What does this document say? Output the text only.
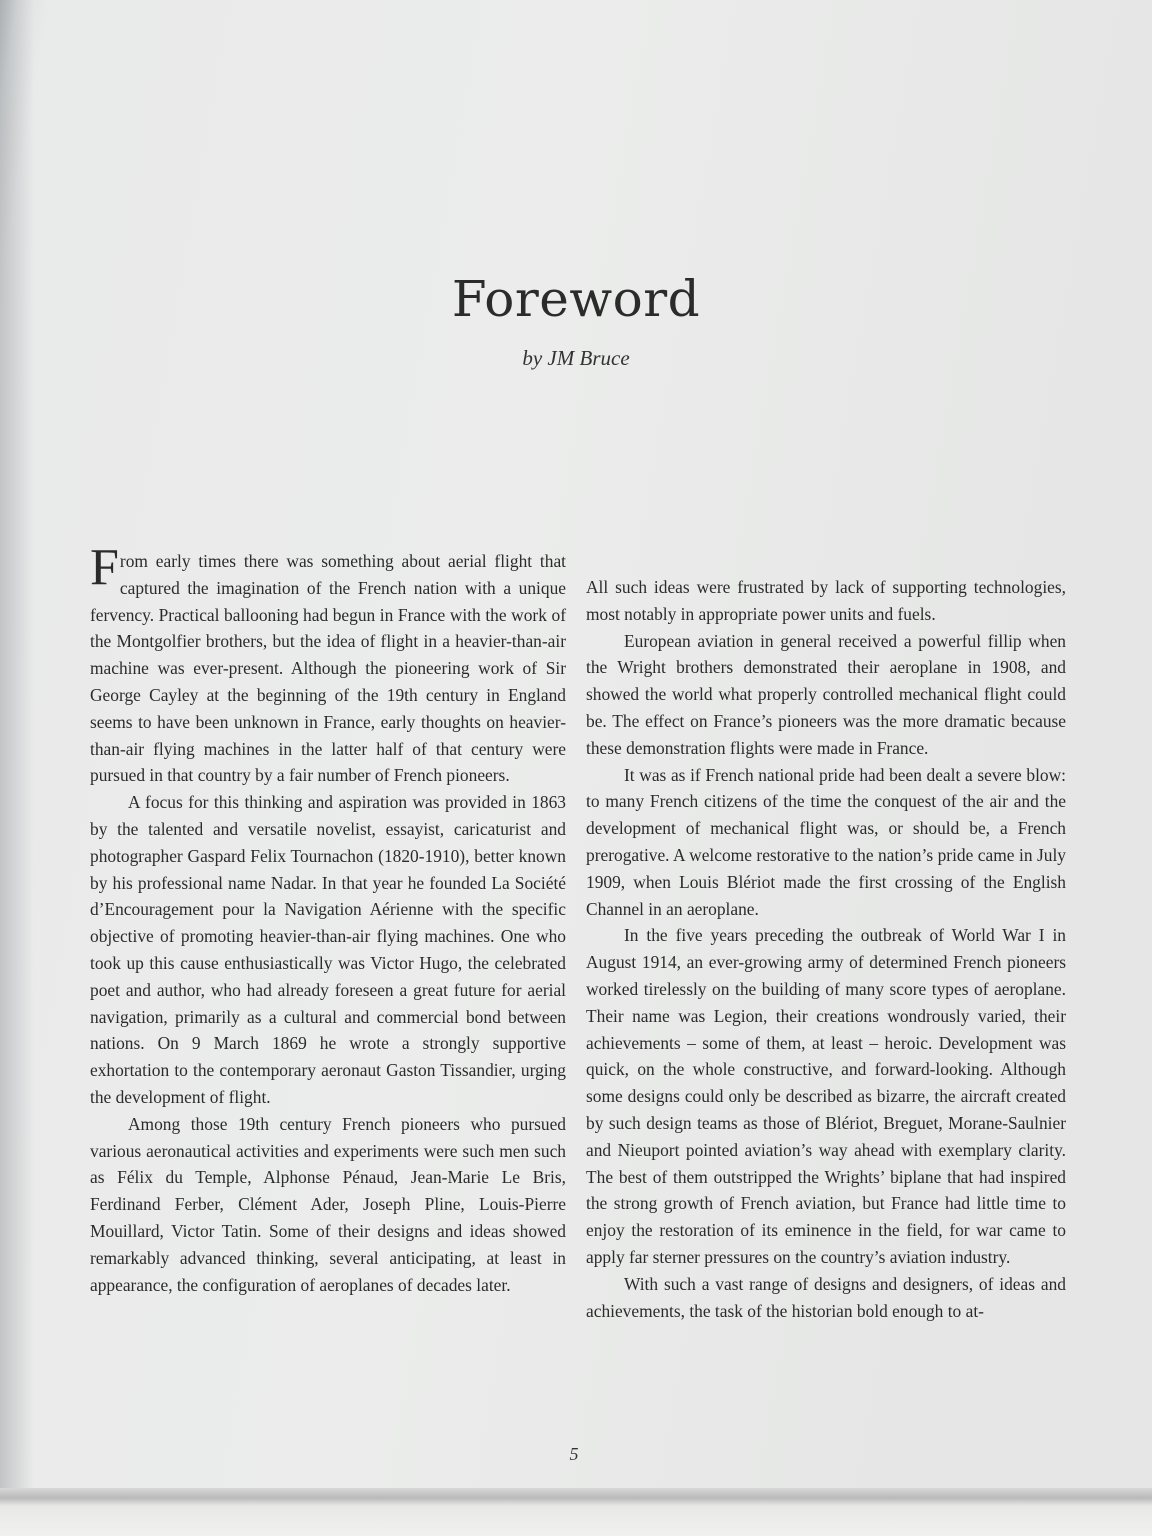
Foreword
by JM Bruce

From early times there was something about aerial flight that captured the imagination of the French nation with a unique fervency. Practical ballooning had begun in France with the work of the Montgolfier brothers, but the idea of flight in a heavier-than-air machine was ever-present. Although the pioneering work of Sir George Cayley at the beginning of the 19th century in England seems to have been unknown in France, early thoughts on heavier-than-air flying machines in the latter half of that century were pursued in that country by a fair number of French pioneers.

A focus for this thinking and aspiration was provided in 1863 by the talented and versatile novelist, essayist, caricaturist and photographer Gaspard Felix Tournachon (1820-1910), better known by his professional name Nadar. In that year he founded La Société d’Encouragement pour la Navigation Aérienne with the specific objective of promoting heavier-than-air flying machines. One who took up this cause enthusiastically was Victor Hugo, the celebrated poet and author, who had already foreseen a great future for aerial navigation, primarily as a cultural and commercial bond between nations. On 9 March 1869 he wrote a strongly supportive exhortation to the contemporary aeronaut Gaston Tissandier, urging the development of flight.

Among those 19th century French pioneers who pursued various aeronautical activities and experiments were such men such as Félix du Temple, Alphonse Pénaud, Jean-Marie Le Bris, Ferdinand Ferber, Clément Ader, Joseph Pline, Louis-Pierre Mouillard, Victor Tatin. Some of their designs and ideas showed remarkably advanced thinking, several anticipating, at least in appearance, the configuration of aeroplanes of decades later.

All such ideas were frustrated by lack of supporting technologies, most notably in appropriate power units and fuels.

European aviation in general received a powerful fillip when the Wright brothers demonstrated their aeroplane in 1908, and showed the world what properly controlled mechanical flight could be. The effect on France’s pioneers was the more dramatic because these demonstration flights were made in France.

It was as if French national pride had been dealt a severe blow: to many French citizens of the time the conquest of the air and the development of mechanical flight was, or should be, a French prerogative. A welcome restorative to the nation’s pride came in July 1909, when Louis Blériot made the first crossing of the English Channel in an aeroplane.

In the five years preceding the outbreak of World War I in August 1914, an ever-growing army of determined French pioneers worked tirelessly on the building of many score types of aeroplane. Their name was Legion, their creations wondrously varied, their achievements – some of them, at least – heroic. Development was quick, on the whole constructive, and forward-looking. Although some designs could only be described as bizarre, the aircraft created by such design teams as those of Blériot, Breguet, Morane-Saulnier and Nieuport pointed aviation’s way ahead with exemplary clarity. The best of them outstripped the Wrights’ biplane that had inspired the strong growth of French aviation, but France had little time to enjoy the restoration of its eminence in the field, for war came to apply far sterner pressures on the country’s aviation industry.

With such a vast range of designs and designers, of ideas and achievements, the task of the historian bold enough to at-

5
